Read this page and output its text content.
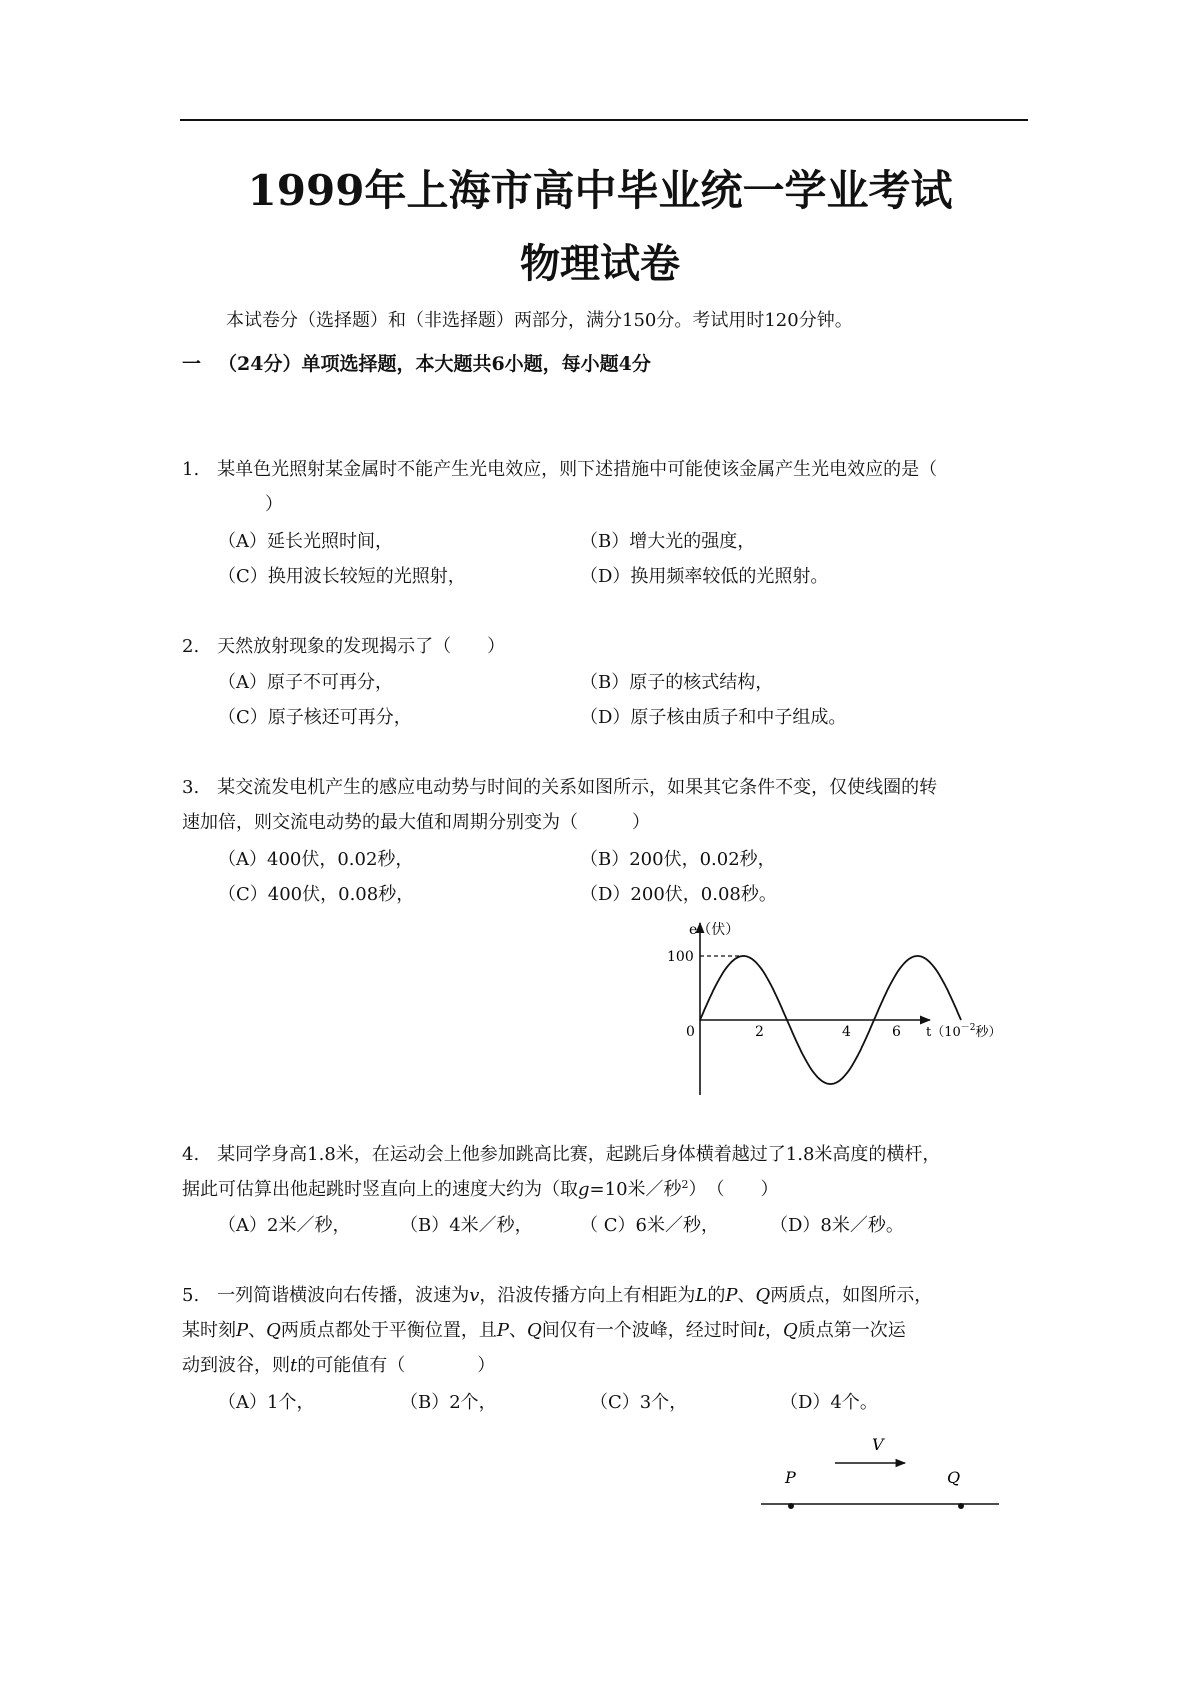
1999年上海市高中毕业统一学业考试
物理试卷
本试卷分（选择题）和（非选择题）两部分，满分150分。考试用时120分钟。
一 （24分）单项选择题，本大题共6小题，每小题4分
1.　某单色光照射某金属时不能产生光电效应，则下述措施中可能使该金属产生光电效应的是（
）
（A）延长光照时间，	（B）增大光的强度，
（C）换用波长较短的光照射，	（D）换用频率较低的光照射。
2.　天然放射现象的发现揭示了（　　）
（A）原子不可再分，	（B）原子的核式结构，
（C）原子核还可再分，	（D）原子核由质子和中子组成。
3.　某交流发电机产生的感应电动势与时间的关系如图所示，如果其它条件不变，仅使线圈的转
速加倍，则交流电动势的最大值和周期分别变为（　　　）
（A）400伏，0.02秒，	（B）200伏，0.02秒，
（C）400伏，0.08秒，	（D）200伏，0.08秒。
e（伏）
100
0	2	4	6 $t(10^{-2}$秒）
4.　某同学身高1.8米，在运动会上他参加跳高比赛，起跳后身体横着越过了1.8米高度的横杆，
据此可估算出他起跳时竖直向上的速度大约为（取g=10米／秒$^2$）　（　　）
（A）2米／秒，	（B）4米／秒，	（ C）6米／秒，	（D）8米／秒。
5.　一列简谐横波向右传播，波速为v，沿波传播方向上有相距为L的P、Q两质点，如图所示，
某时刻P、Q两质点都处于平衡位置，且P、Q间仅有一个波峰，经过时间t，Q质点第一次运
动到波谷，则t的可能值有（　　　　）
（A）1个，	（B）2个，	（C）3个，	（D）4个。
V
P	Q
